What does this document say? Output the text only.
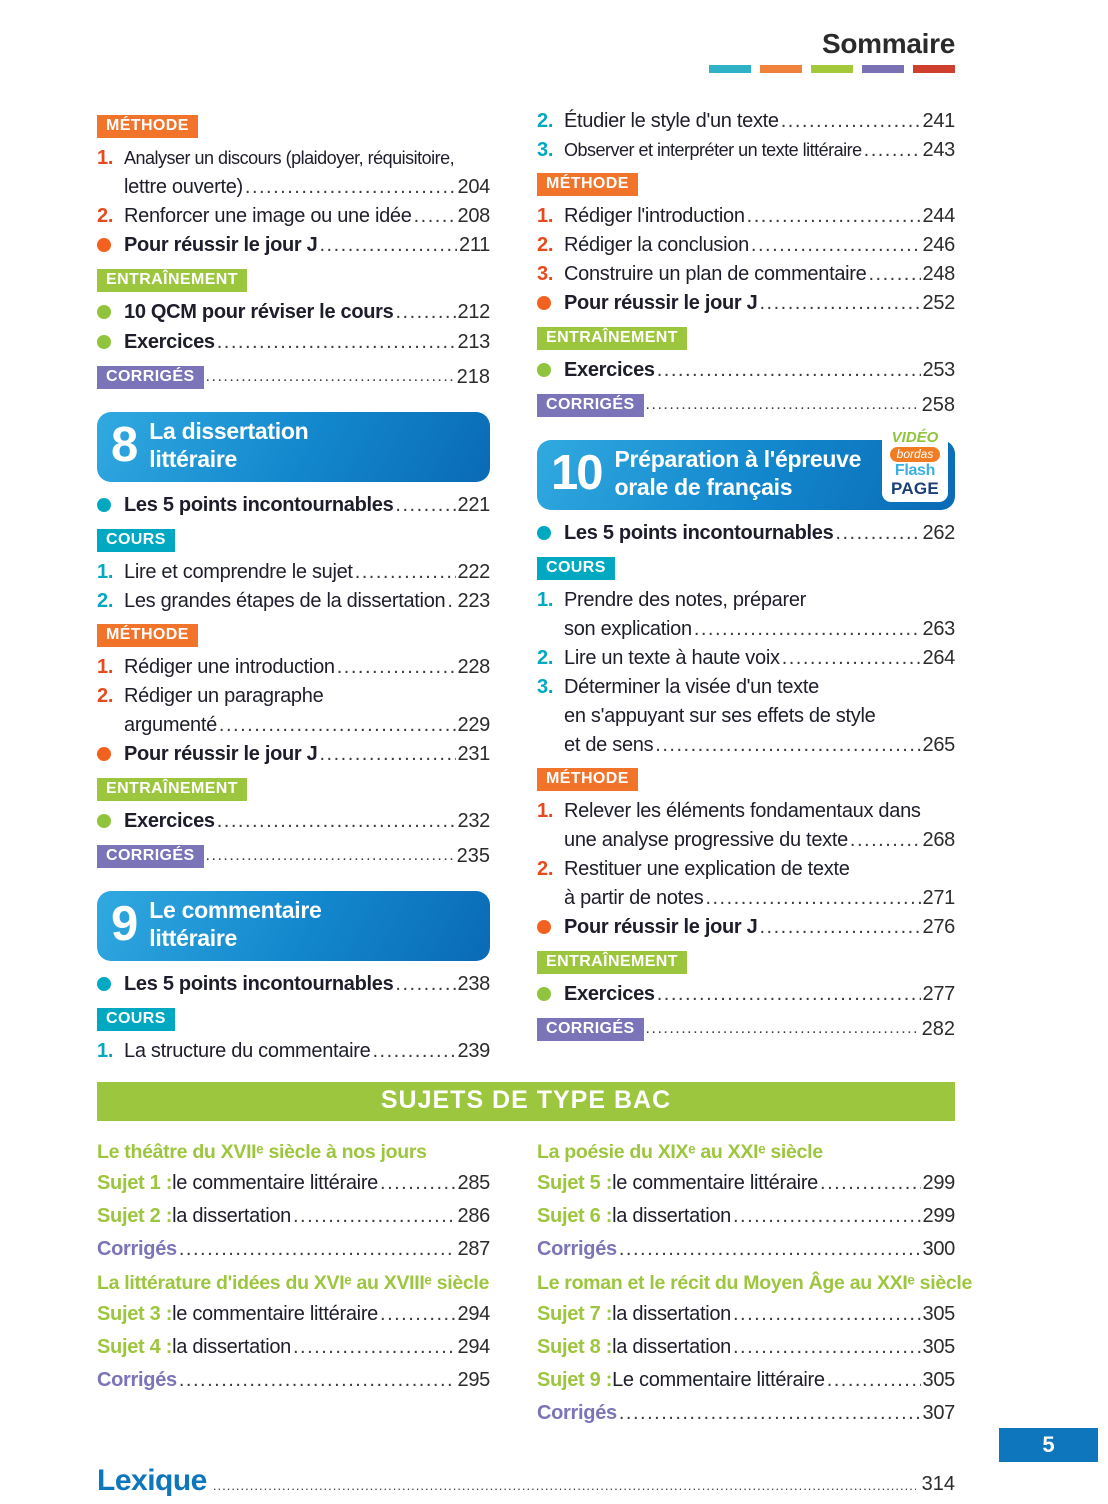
Sommaire
MÉTHODE
1. Analyser un discours (plaidoyer, réquisitoire,
lettre ouverte) .....	204
2. Renforcer une image ou une idée ..... 208
Pour réussir le jour J .....	211
ENTRAÎNEMENT
10 QCM pour réviser le cours .....	212
Exercices .....	213
CORRIGÉS .....	218
8 La dissertation
littéraire
Les 5 points incontournables .....	221
COURS
1. Lire et comprendre le sujet .....	222
2. Les grandes étapes de la dissertation ..... 223
MÉTHODE
1. Rédiger une introduction .....	228
2. Rédiger un paragraphe
argumenté .....	229
Pour réussir le jour J .....	231
ENTRAÎNEMENT
Exercices .....	232
CORRIGÉS .....	235
9 Le commentaire
littéraire
Les 5 points incontournables .....	238
COURS
1. La structure du commentaire .....	239
2. Étudier le style d'un texte .....	241
3. Observer et interpréter un texte littéraire .....	243
MÉTHODE
1. Rédiger l'introduction .....	244
2. Rédiger la conclusion .....	246
3. Construire un plan de commentaire .....	248
Pour réussir le jour J .....	252
ENTRAÎNEMENT
Exercices .....	253
CORRIGÉS .....	258
10 Préparation à l'épreuve
orale de français
VIDÉO
bordas
Flash
PAGE
Les 5 points incontournables .....	262
COURS
1. Prendre des notes, préparer
son explication .....	263
2. Lire un texte à haute voix .....	264
3. Déterminer la visée d'un texte
en s'appuyant sur ses effets de style
et de sens .....	265
MÉTHODE
1. Relever les éléments fondamentaux dans
une analyse progressive du texte .....	268
2. Restituer une explication de texte
à partir de notes .....	271
Pour réussir le jour J .....	276
ENTRAÎNEMENT
Exercices .....	277
CORRIGÉS .....	282
SUJETS DE TYPE BAC
Le théâtre du XVIIᵉ siècle à nos jours
Sujet 1 : le commentaire littéraire .....	285
Sujet 2 : la dissertation .....	286
Corrigés .....	287
La littérature d'idées du XVIᵉ au XVIIIᵉ siècle
Sujet 3 : le commentaire littéraire .....	294
Sujet 4 : la dissertation .....	294
Corrigés .....	295
La poésie du XIXᵉ au XXIᵉ siècle
Sujet 5 : le commentaire littéraire .....	299
Sujet 6 : la dissertation .....	299
Corrigés .....	300
Le roman et le récit du Moyen Âge au XXIᵉ siècle
Sujet 7 : la dissertation .....	305
Sujet 8 : la dissertation .....	305
Sujet 9 : Le commentaire littéraire .....	305
Corrigés .....	307
Lexique .....	314
5
